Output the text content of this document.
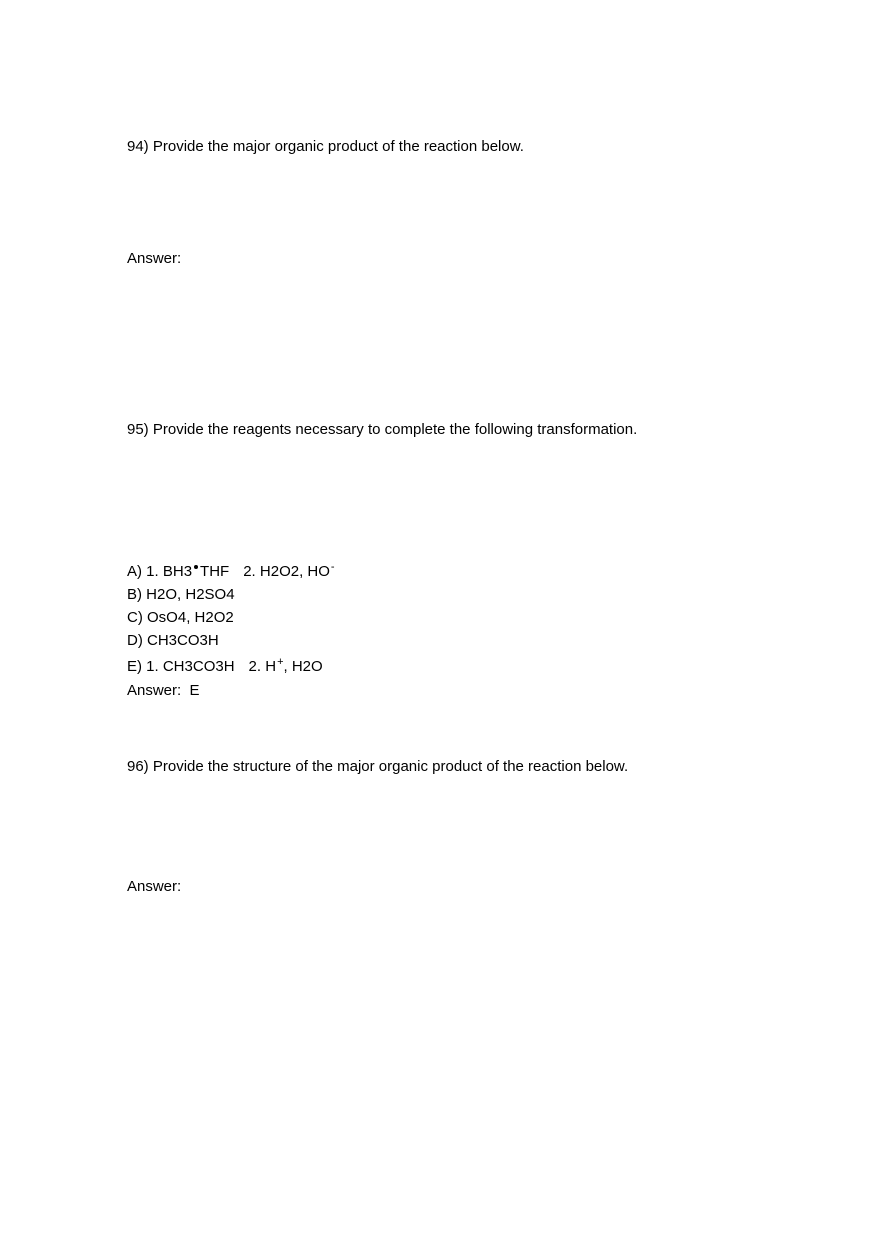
94) Provide the major organic product of the reaction below.
Answer:
95) Provide the reagents necessary to complete the following transformation.
A) 1. BH3 THF 2. H2O2, HO-
B) H2O, H2SO4
C) OsO4, H2O2
D) CH3CO3H
E) 1. CH3CO3H 2. H+, H2O
Answer: E
96) Provide the structure of the major organic product of the reaction below.
Answer:
